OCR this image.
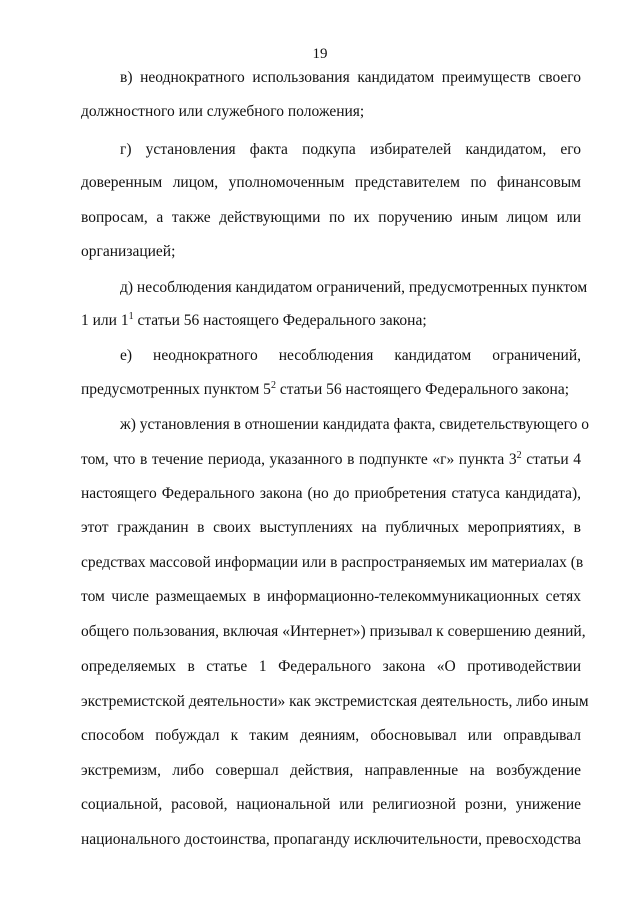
19
в) неоднократного использования кандидатом преимуществ своего
должностного или служебного положения;
г) установления факта подкупа избирателей кандидатом, его
доверенным лицом, уполномоченным представителем по финансовым
вопросам, а также действующими по их поручению иным лицом или
организацией;
д) несоблюдения кандидатом ограничений, предусмотренных пунктом
1 или $1^1$ статьи 56 настоящего Федерального закона;
е) неоднократного несоблюдения кандидатом ограничений,
предусмотренных пунктом $5^2$ статьи 56 настоящего Федерального закона;
ж) установления в отношении кандидата факта, свидетельствующего о
том, что в течение периода, указанного в подпункте «г» пункта $3^2$ статьи 4
настоящего Федерального закона (но до приобретения статуса кандидата),
этот гражданин в своих выступлениях на публичных мероприятиях, в
средствах массовой информации или в распространяемых им материалах (в
том числе размещаемых в информационно-телекоммуникационных сетях
общего пользования, включая «Интернет») призывал к совершению деяний,
определяемых в статье 1 Федерального закона «О противодействии
экстремистской деятельности» как экстремистская деятельность, либо иным
способом побуждал к таким деяниям, обосновывал или оправдывал
экстремизм, либо совершал действия, направленные на возбуждение
социальной, расовой, национальной или религиозной розни, унижение
национального достоинства, пропаганду исключительности, превосходства
